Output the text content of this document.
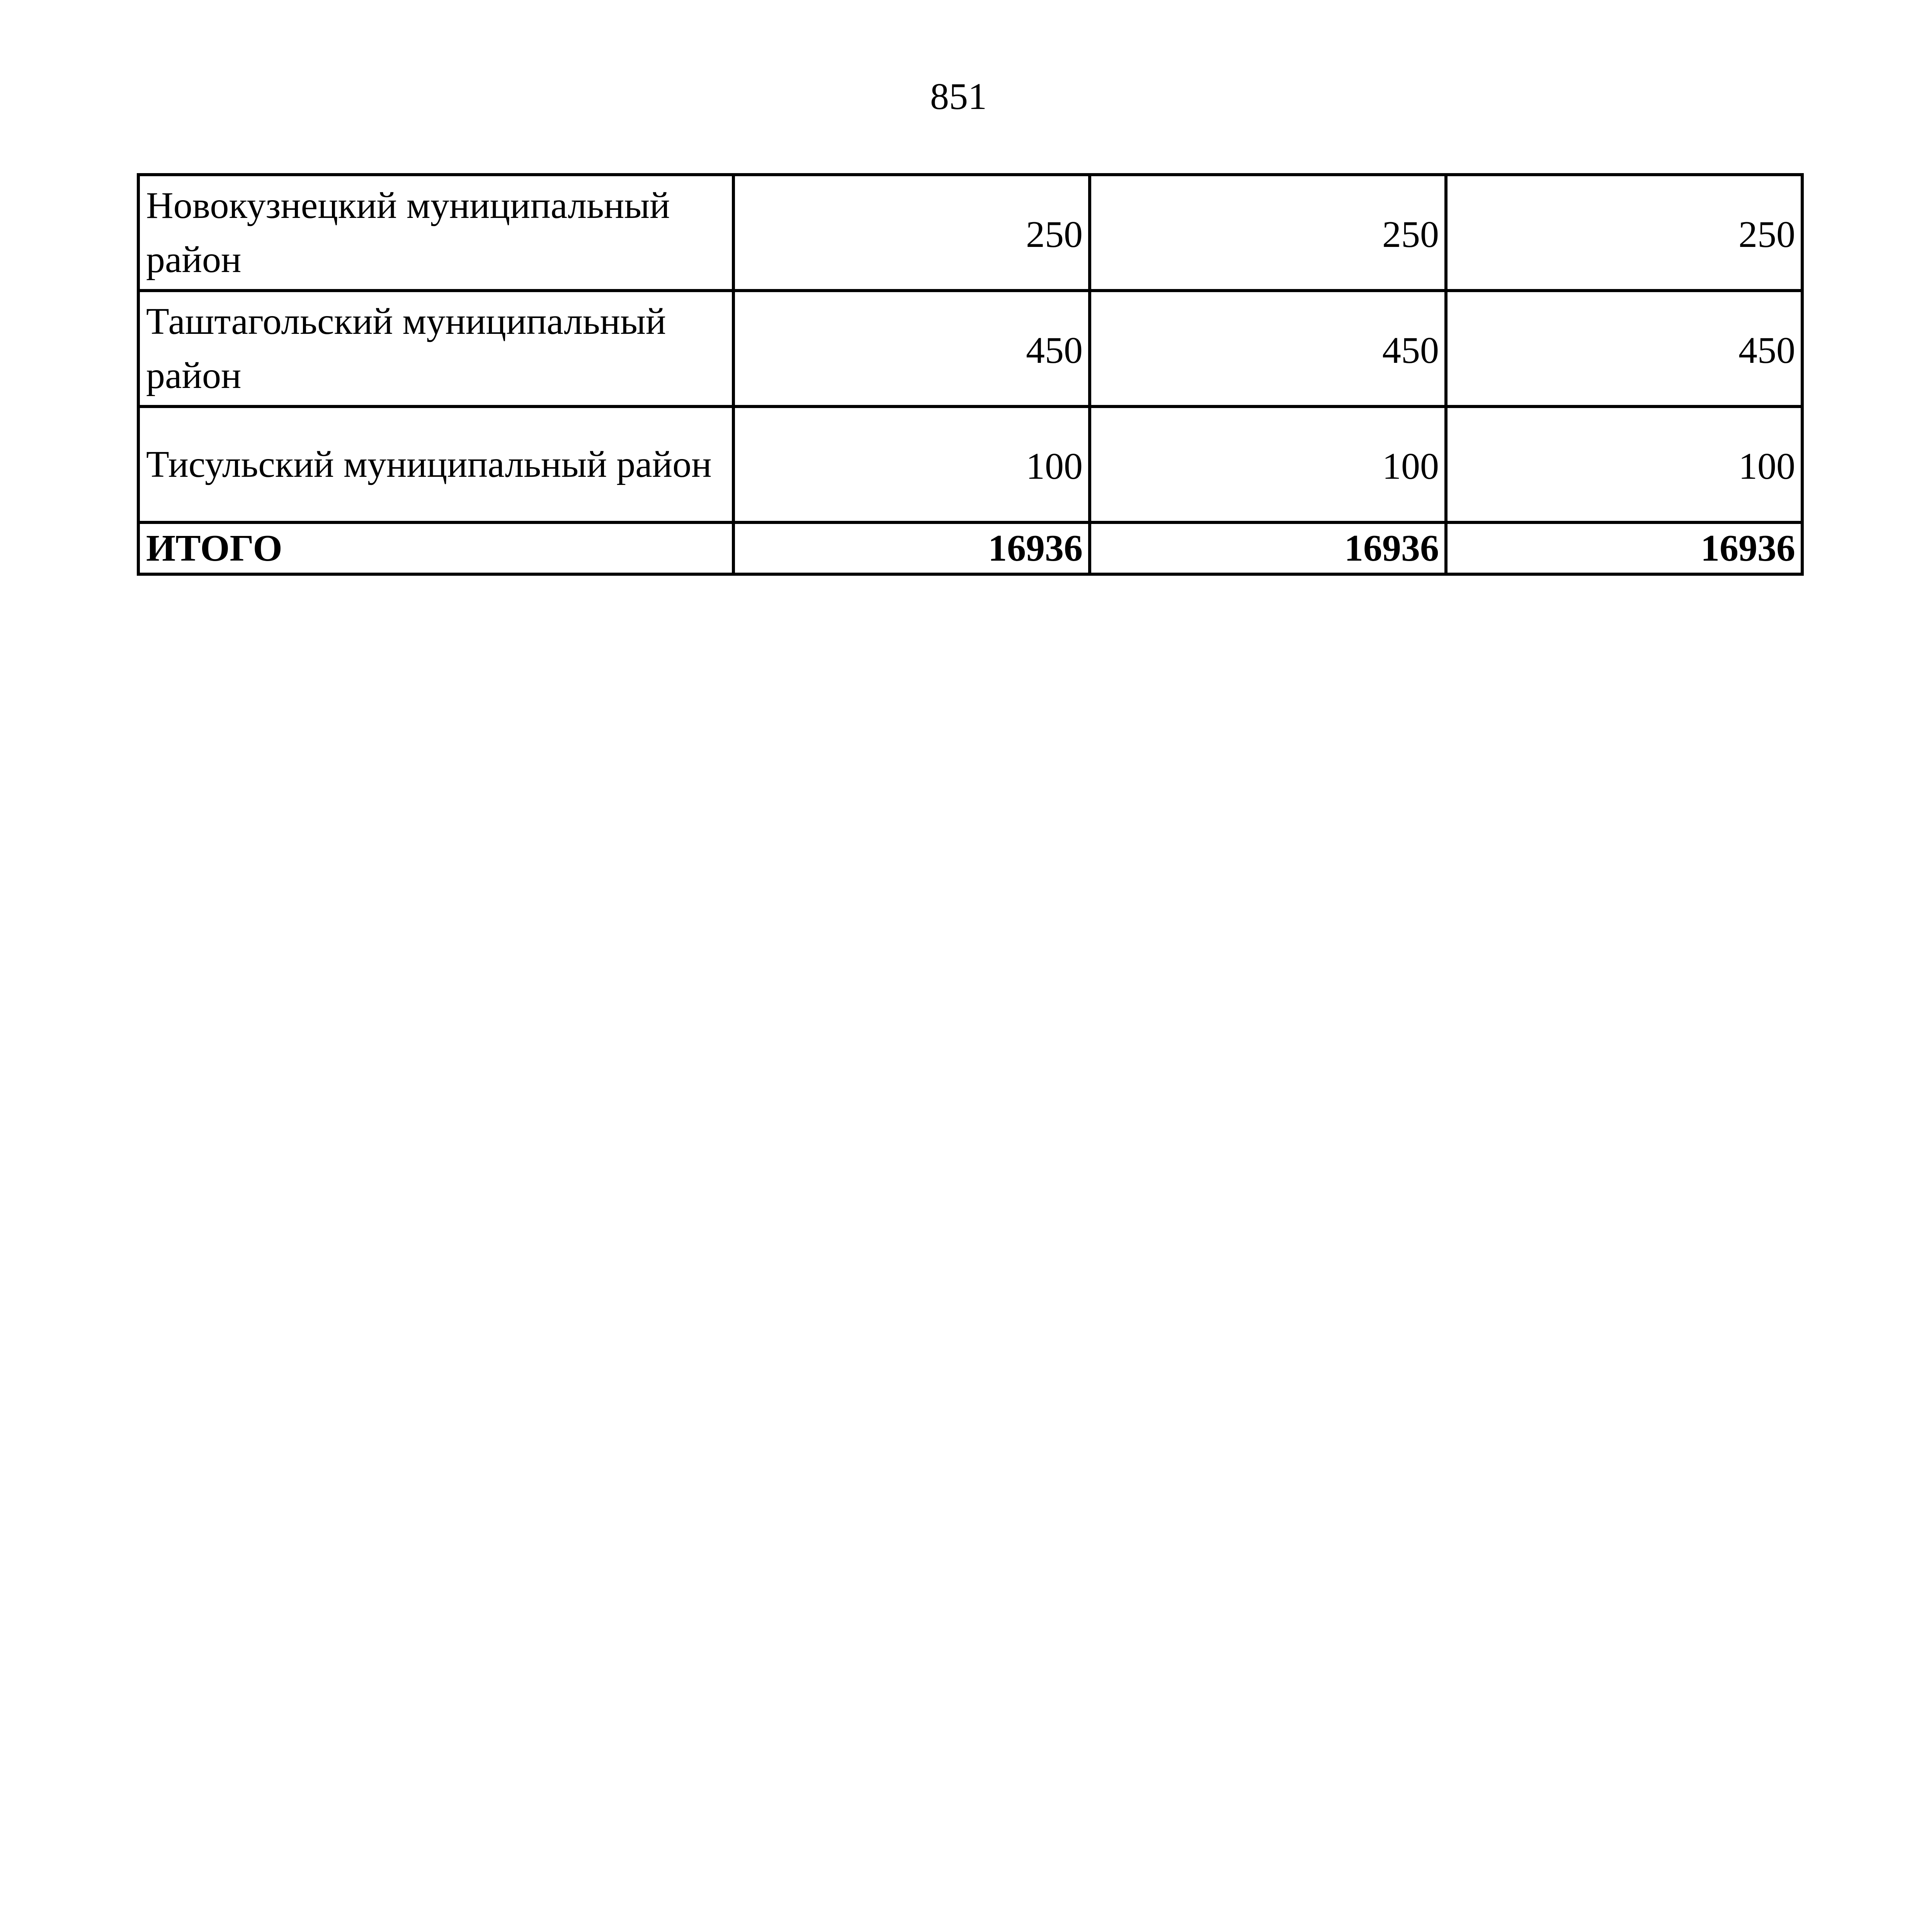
851
Новокузнецкий муниципальный район	250	250	250
Таштагольский муниципальный район	450	450	450
Тисульский муниципальный район	100	100	100
ИТОГО	16936	16936	16936
